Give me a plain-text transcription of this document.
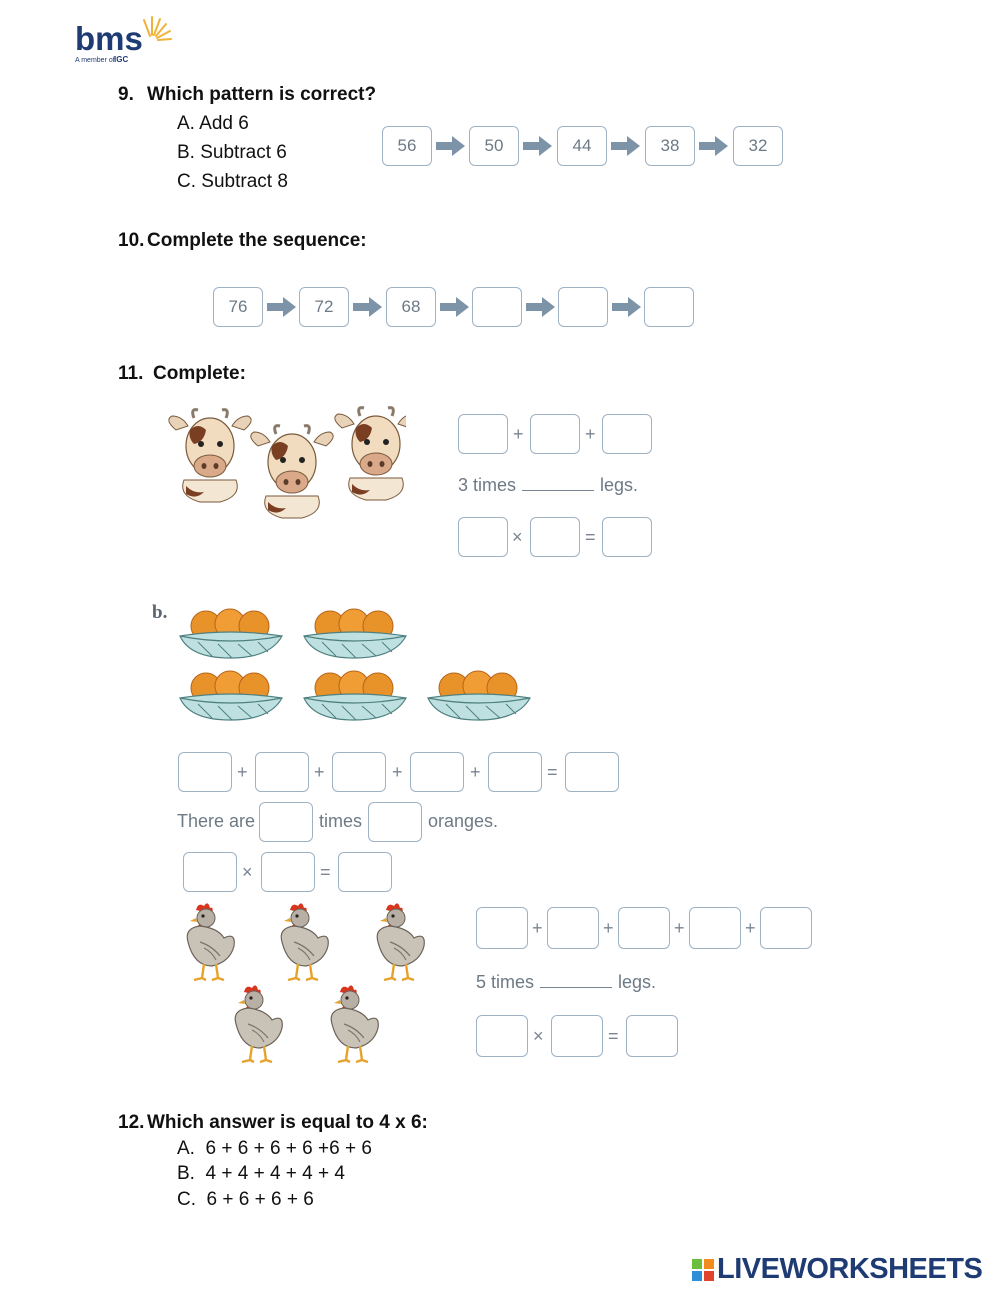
bms
A member of IGC
9. Which pattern is correct?
A. Add 6
B. Subtract 6
C. Subtract 8
56	50	44	38	32
10. Complete the sequence:
76	72	68
11. Complete:
+	+
3 times	legs.
×	=
b.
+	+	+	+	=
There are	times	oranges.
×	=
+	+	+	+
5 times	legs.
×	=
12. Which answer is equal to 4 x 6:
A.  6 + 6 + 6 + 6 +6 + 6
B.  4 + 4 + 4 + 4 + 4
C.  6 + 6 + 6 + 6
LIVEWORKSHEETS
